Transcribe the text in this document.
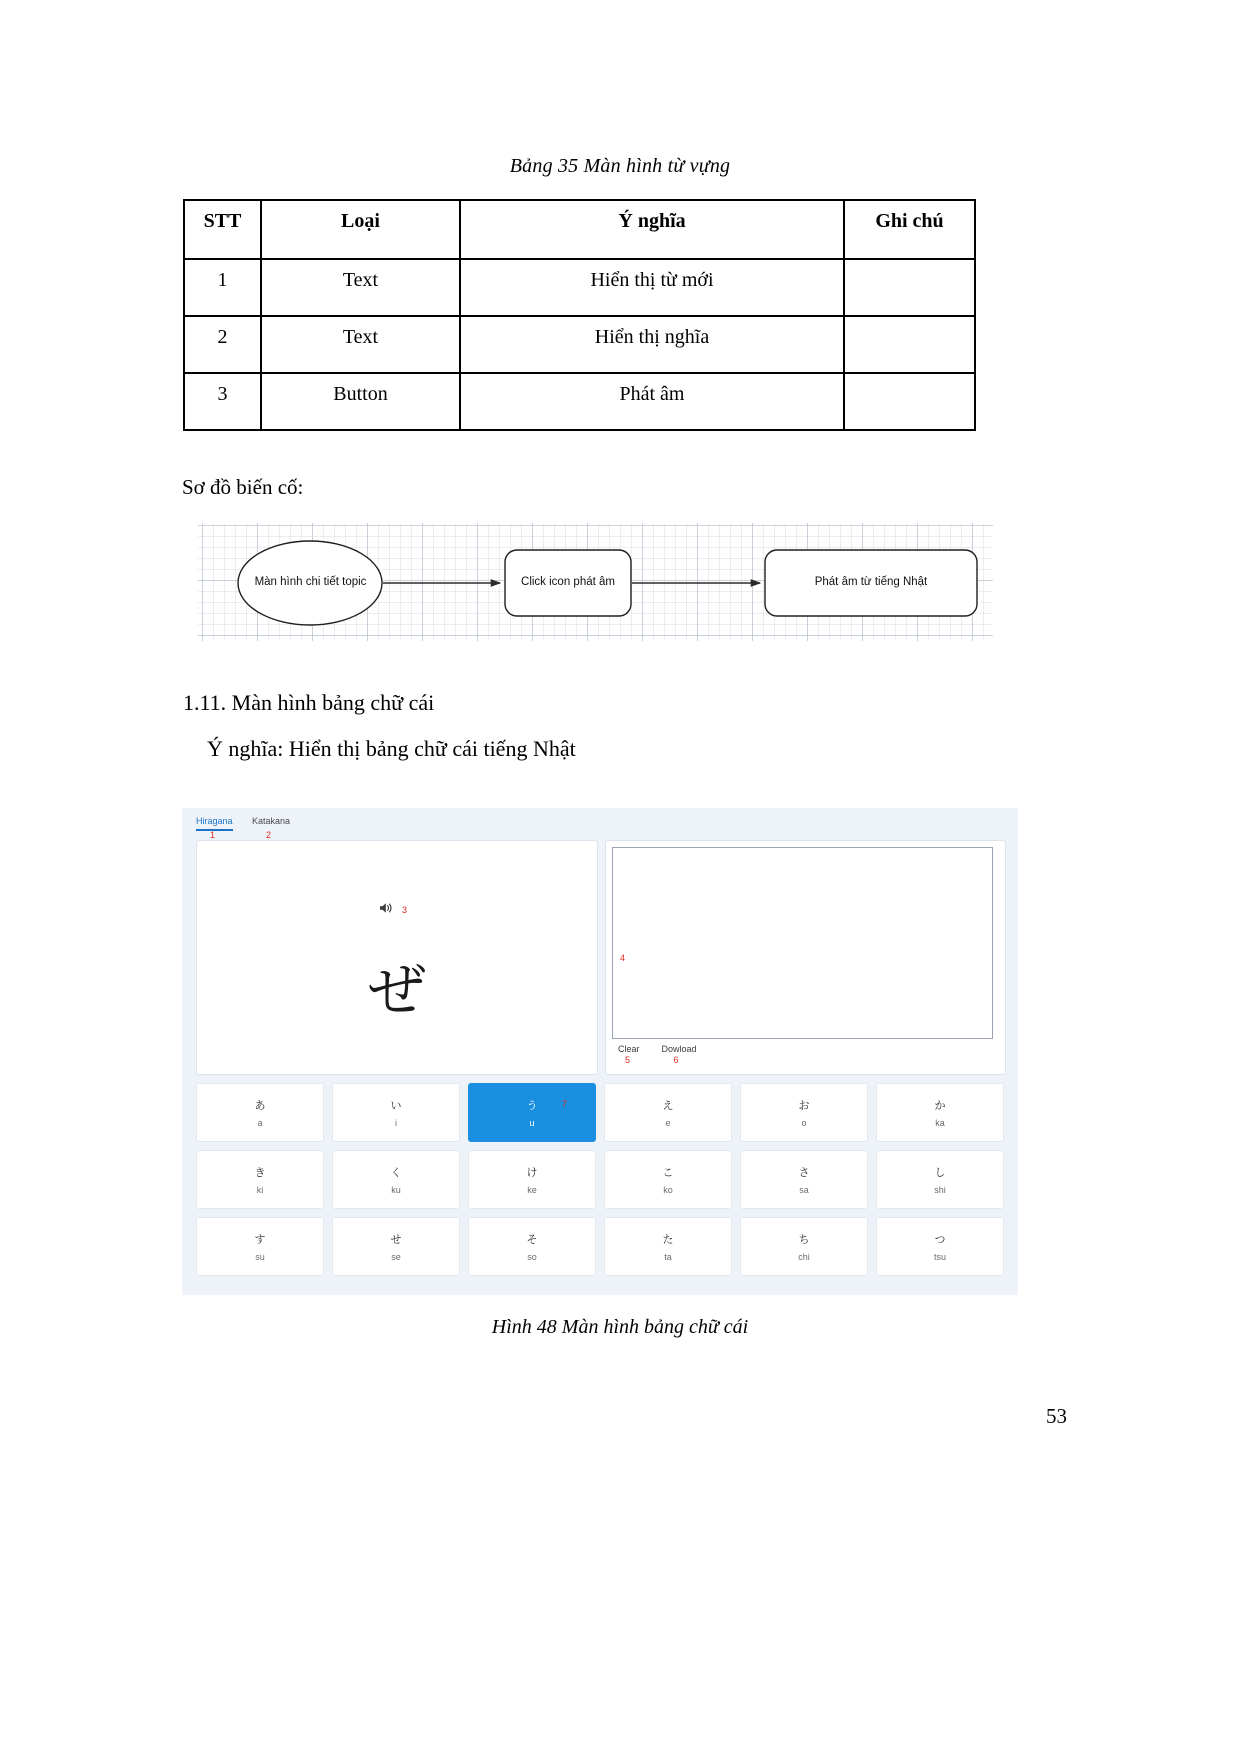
Bảng 35 Màn hình từ vựng
STT	Loại	Ý nghĩa	Ghi chú
1	Text	Hiển thị từ mới	
2	Text	Hiển thị nghĩa	
3	Button	Phát âm	
Sơ đồ biến cố:
Màn hình chi tiết topic	Click icon phát âm	Phát âm từ tiếng Nhật
1.11. Màn hình bảng chữ cái
Ý nghĩa: Hiển thị bảng chữ cái tiếng Nhật
Hiragana
1
Katakana
2
3
ぜ	4
Clear
5
Dowload
6
あ
a
い
i
う
u
7	え
e
お
o
か
ka
き
ki
く
ku
け
ke
こ
ko
さ
sa
し
shi
す
su
せ
se
そ
so
た
ta
ち
chi
つ
tsu
Hình 48 Màn hình bảng chữ cái
53
